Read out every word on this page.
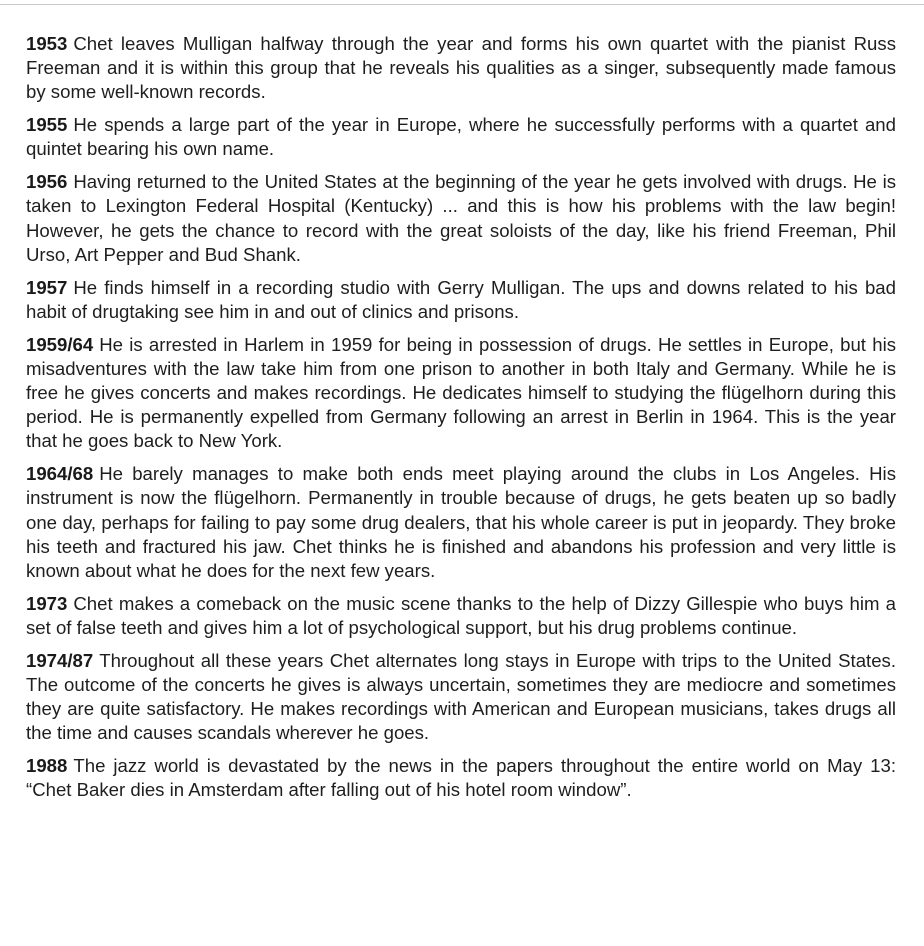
1953 Chet leaves Mulligan halfway through the year and forms his own quartet with the pianist Russ Freeman and it is within this group that he reveals his qualities as a singer, subsequently made famous by some well-known records.

1955 He spends a large part of the year in Europe, where he successfully performs with a quartet and quintet bearing his own name.

1956 Having returned to the United States at the beginning of the year he gets involved with drugs. He is taken to Lexington Federal Hospital (Kentucky) ... and this is how his problems with the law begin! However, he gets the chance to record with the great soloists of the day, like his friend Freeman, Phil Urso, Art Pepper and Bud Shank.

1957 He finds himself in a recording studio with Gerry Mulligan. The ups and downs related to his bad habit of drugtaking see him in and out of clinics and prisons.

1959/64 He is arrested in Harlem in 1959 for being in possession of drugs. He settles in Europe, but his misadventures with the law take him from one prison to another in both Italy and Germany. While he is free he gives concerts and makes recordings. He dedicates himself to studying the flügelhorn during this period. He is permanently expelled from Germany following an arrest in Berlin in 1964. This is the year that he goes back to New York.

1964/68 He barely manages to make both ends meet playing around the clubs in Los Angeles. His instrument is now the flügelhorn. Permanently in trouble because of drugs, he gets beaten up so badly one day, perhaps for failing to pay some drug dealers, that his whole career is put in jeopardy. They broke his teeth and fractured his jaw. Chet thinks he is finished and abandons his profession and very little is known about what he does for the next few years.

1973 Chet makes a comeback on the music scene thanks to the help of Dizzy Gillespie who buys him a set of false teeth and gives him a lot of psychological support, but his drug problems continue.

1974/87 Throughout all these years Chet alternates long stays in Europe with trips to the United States. The outcome of the concerts he gives is always uncertain, sometimes they are mediocre and sometimes they are quite satisfactory. He makes recordings with American and European musicians, takes drugs all the time and causes scandals wherever he goes.

1988 The jazz world is devastated by the news in the papers throughout the entire world on May 13: “Chet Baker dies in Amsterdam after falling out of his hotel room window”.
